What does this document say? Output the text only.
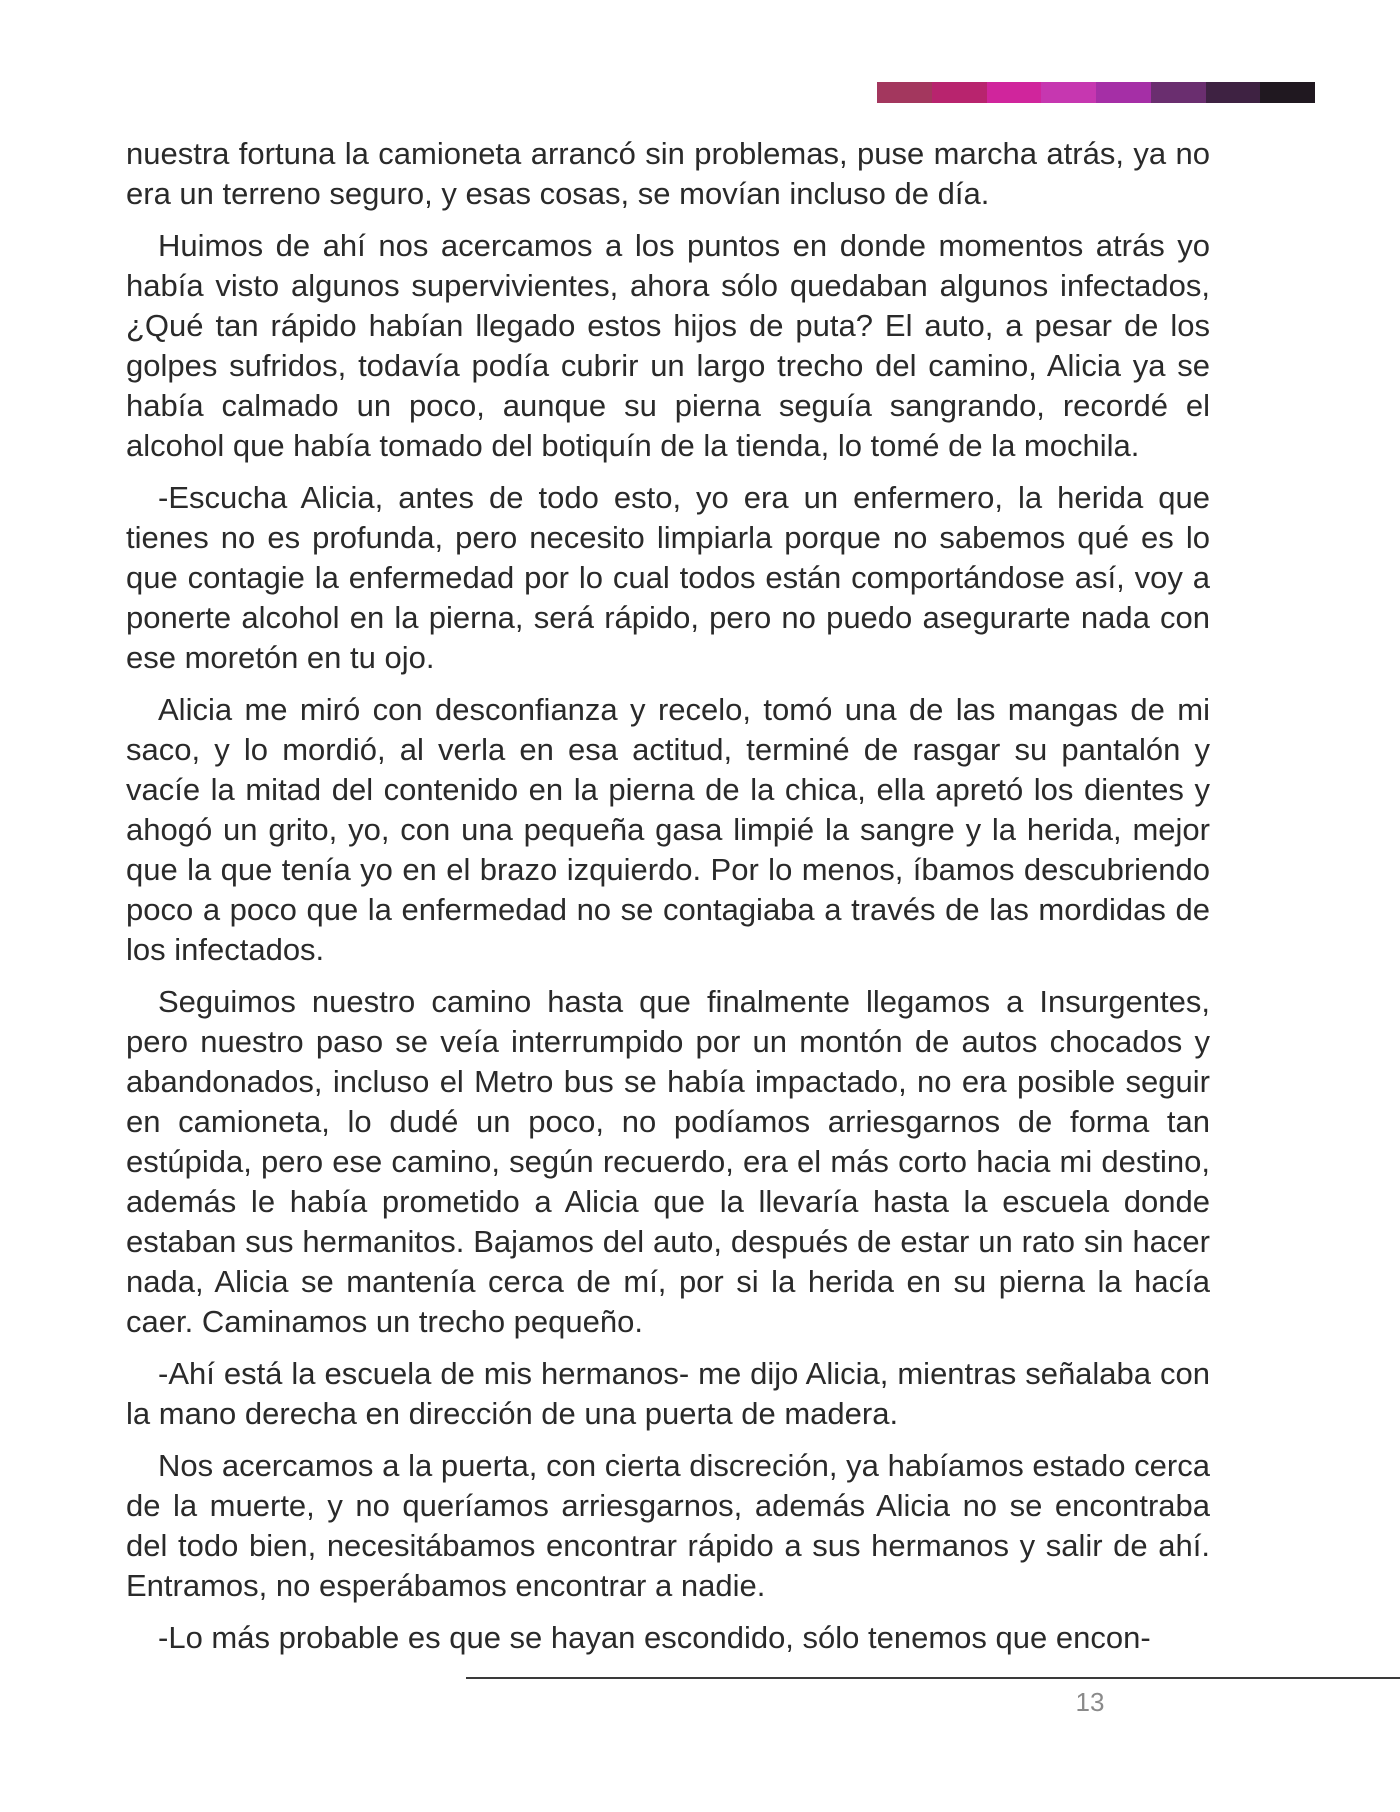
nuestra fortuna la camioneta arrancó sin problemas, puse marcha atrás, ya no era un terreno seguro, y esas cosas, se movían incluso de día.

Huimos de ahí nos acercamos a los puntos en donde momentos atrás yo había visto algunos supervivientes, ahora sólo quedaban algunos infectados, ¿Qué tan rápido habían llegado estos hijos de puta? El auto, a pesar de los golpes sufridos, todavía podía cubrir un largo trecho del camino, Alicia ya se había calmado un poco, aunque su pierna seguía sangrando, recordé el alcohol que había tomado del botiquín de la tienda, lo tomé de la mochila.

-Escucha Alicia, antes de todo esto, yo era un enfermero, la herida que tienes no es profunda, pero necesito limpiarla porque no sabemos qué es lo que contagie la enfermedad por lo cual todos están comportándose así, voy a ponerte alcohol en la pierna, será rápido, pero no puedo asegurarte nada con ese moretón en tu ojo.

Alicia me miró con desconfianza y recelo, tomó una de las mangas de mi saco, y lo mordió, al verla en esa actitud, terminé de rasgar su pantalón y vacíe la mitad del contenido en la pierna de la chica, ella apretó los dientes y ahogó un grito, yo, con una pequeña gasa limpié la sangre y la herida, mejor que la que tenía yo en el brazo izquierdo. Por lo menos, íbamos descubriendo poco a poco que la enfermedad no se contagiaba a través de las mordidas de los infectados.

Seguimos nuestro camino hasta que finalmente llegamos a Insurgentes, pero nuestro paso se veía interrumpido por un montón de autos chocados y abandonados, incluso el Metro bus se había impactado, no era posible seguir en camioneta, lo dudé un poco, no podíamos arriesgarnos de forma tan estúpida, pero ese camino, según recuerdo, era el más corto hacia mi destino, además le había prometido a Alicia que la llevaría hasta la escuela donde estaban sus hermanitos. Bajamos del auto, después de estar un rato sin hacer nada, Alicia se mantenía cerca de mí, por si la herida en su pierna la hacía caer. Caminamos un trecho pequeño.

-Ahí está la escuela de mis hermanos- me dijo Alicia, mientras señalaba con la mano derecha en dirección de una puerta de madera.

Nos acercamos a la puerta, con cierta discreción, ya habíamos estado cerca de la muerte, y no queríamos arriesgarnos, además Alicia no se encontraba del todo bien, necesitábamos encontrar rápido a sus hermanos y salir de ahí. Entramos, no esperábamos encontrar a nadie.

-Lo más probable es que se hayan escondido, sólo tenemos que encon-

13
